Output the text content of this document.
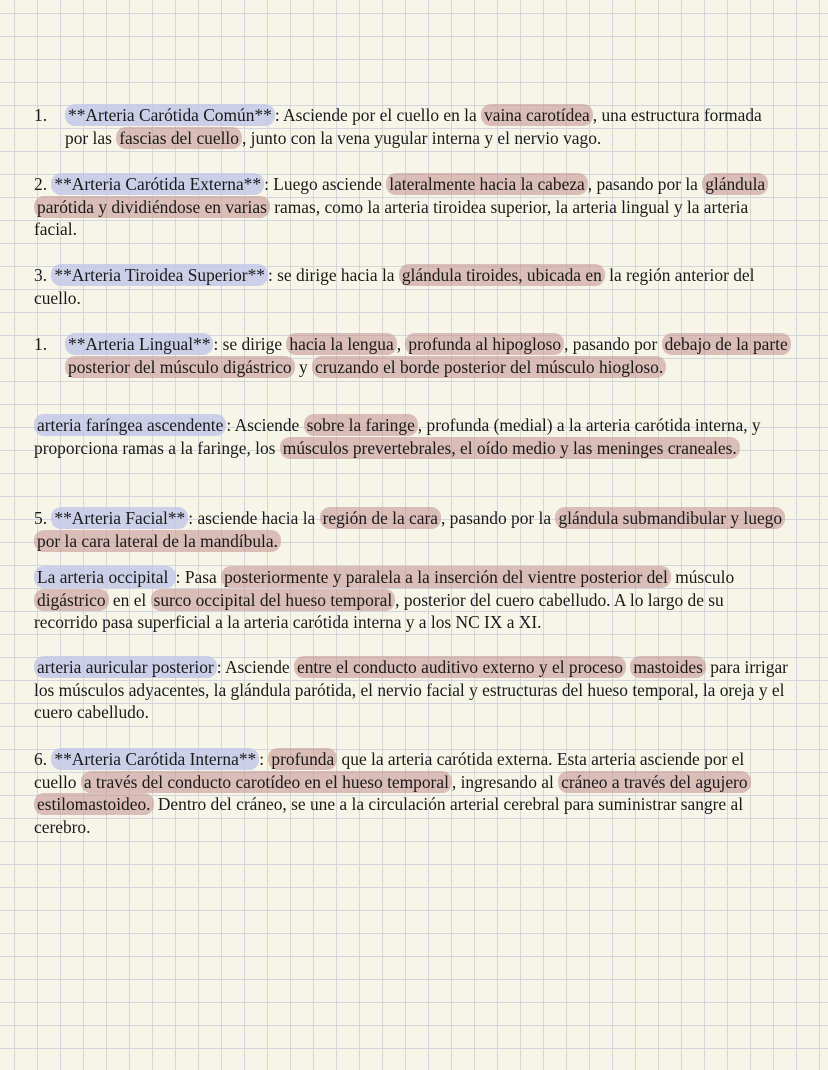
1. **Arteria Carótida Común** : Asciende por el cuello en la vaina carotídea , una estructura formada por las fascias del cuello , junto con la vena yugular interna y el nervio vago.

2. **Arteria Carótida Externa** : Luego asciende lateralmente hacia la cabeza , pasando por la glándula parótida y dividiéndose en varias ramas, como la arteria tiroidea superior, la arteria lingual y la arteria facial.

3. **Arteria Tiroidea Superior** : se dirige hacia la glándula tiroides, ubicada en la región anterior del cuello.

1. **Arteria Lingual** : se dirige hacia la lengua , profunda al hipogloso , pasando por debajo de la parte posterior del músculo digástrico y cruzando el borde posterior del músculo hiogloso.

arteria faríngea ascendente : Asciende sobre la faringe , profunda (medial) a la arteria carótida interna, y proporciona ramas a la faringe, los músculos prevertebrales, el oído medio y las meninges craneales.

5. **Arteria Facial** : asciende hacia la región de la cara , pasando por la glándula submandibular y luego por la cara lateral de la mandíbula.

La arteria occipital : Pasa posteriormente y paralela a la inserción del vientre posterior del músculo digástrico en el surco occipital del hueso temporal , posterior del cuero cabelludo. A lo largo de su recorrido pasa superficial a la arteria carótida interna y a los NC IX a XI.

arteria auricular posterior : Asciende entre el conducto auditivo externo y el proceso mastoides para irrigar los músculos adyacentes, la glándula parótida, el nervio facial y estructuras del hueso temporal, la oreja y el cuero cabelludo.

6. **Arteria Carótida Interna** : profunda que la arteria carótida externa. Esta arteria asciende por el cuello a través del conducto carotídeo en el hueso temporal , ingresando al cráneo a través del agujero estilomastoideo. Dentro del cráneo, se une a la circulación arterial cerebral para suministrar sangre al cerebro.
